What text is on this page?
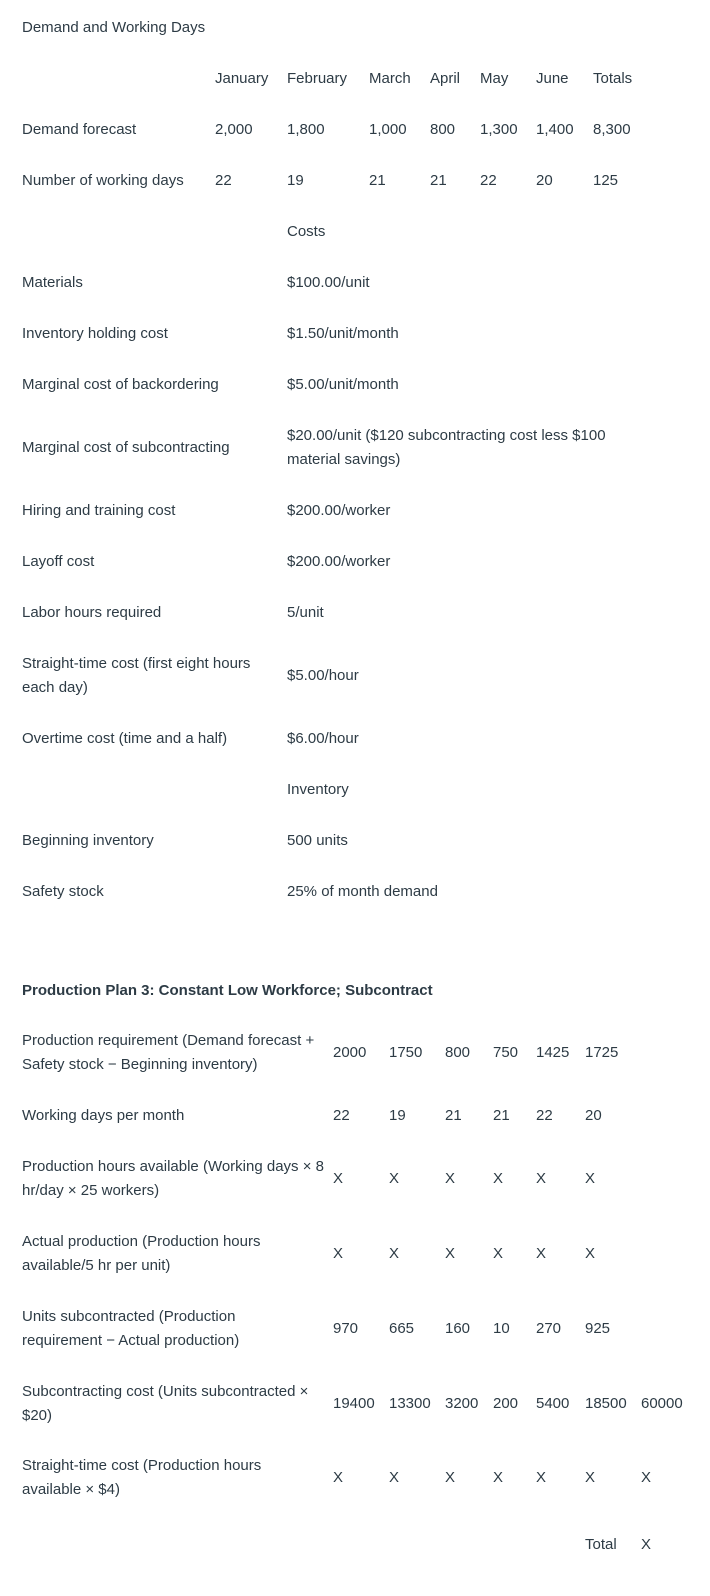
Demand and Working Days
January February March April May June Totals
Demand forecast	2,000 1,800	1,000 800 1,300 1,400 8,300
Number of working days 22	19	21	21 22	20	125
Costs
Materials	$100.00/unit
Inventory holding cost	$1.50/unit/month
Marginal cost of backordering	$5.00/unit/month
Marginal cost of subcontracting
$20.00/unit ($120 subcontracting cost less $100 material savings)
Hiring and training cost	$200.00/worker
Layoff cost	$200.00/worker
Labor hours required	5/unit
Straight-time cost (first eight hours each day)
$5.00/hour
Overtime cost (time and a half)	$6.00/hour
Inventory
Beginning inventory	500 units
Safety stock	25% of month demand
Production Plan 3: Constant Low Workforce; Subcontract
Production requirement (Demand forecast + Safety stock − Beginning inventory)
2000 1750 800 750 1425 1725
Working days per month	22	19	21 21 22 20
Production hours available (Working days × 8 hr/day × 25 workers)
X	X	X	X X	X
Actual production (Production hours available/5 hr per unit)
X	X	X	X X	X
Units subcontracted (Production requirement − Actual production)
970 665 160 10 270 925
Subcontracting cost (Units subcontracted × $20)
19400 13300 3200 200 5400 18500 60000
Straight-time cost (Production hours available × $4)
X	X	X	X X	X	X
Total X
